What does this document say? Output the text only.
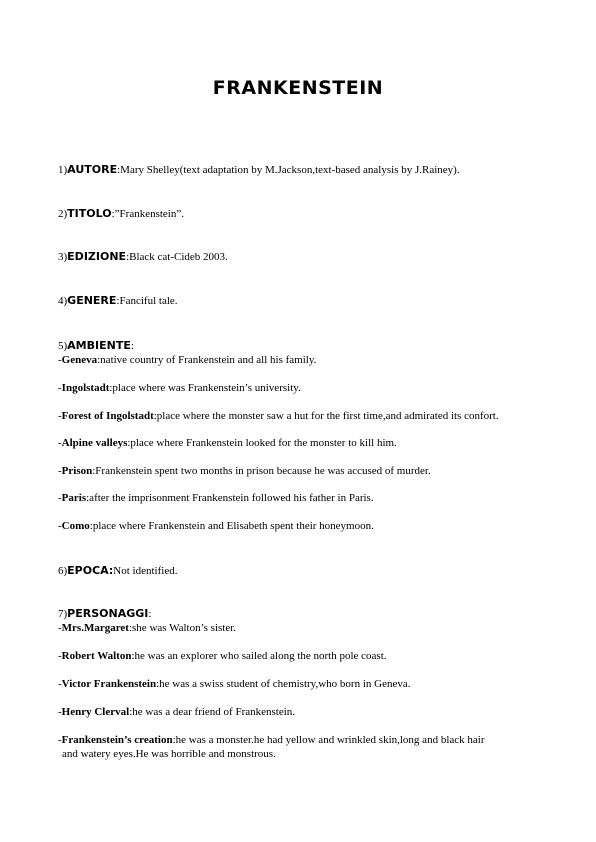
FRANKENSTEIN
1)AUTORE:Mary Shelley(text adaptation by M.Jackson,text-based analysis by J.Rainey).
2)TITOLO:”Frankenstein”.
3)EDIZIONE:Black cat-Cideb 2003.
4)GENERE:Fanciful tale.
5)AMBIENTE:
-Geneva:native country of Frankenstein and all his family.
-Ingolstadt:place where was Frankenstein’s university.
-Forest of Ingolstadt:place where the monster saw a hut for the first time,and admirated its confort.
-Alpine valleys:place where Frankenstein looked for the monster to kill him.
-Prison:Frankenstein spent two months in prison because he was accused of murder.
-Paris:after the imprisonment Frankenstein followed his father in Paris.
-Como:place where Frankenstein and Elisabeth spent their honeymoon.
6)EPOCA:Not identified.
7)PERSONAGGI:
-Mrs.Margaret:she was Walton’s sister.
-Robert Walton:he was an explorer who sailed along the north pole coast.
-Victor Frankenstein:he was a swiss student of chemistry,who born in Geneva.
-Henry Clerval:he was a dear friend of Frankenstein.
-Frankenstein’s creation:he was a monster.he had yellow and wrinkled skin,long and black hair
and watery eyes.He was horrible and monstrous.
